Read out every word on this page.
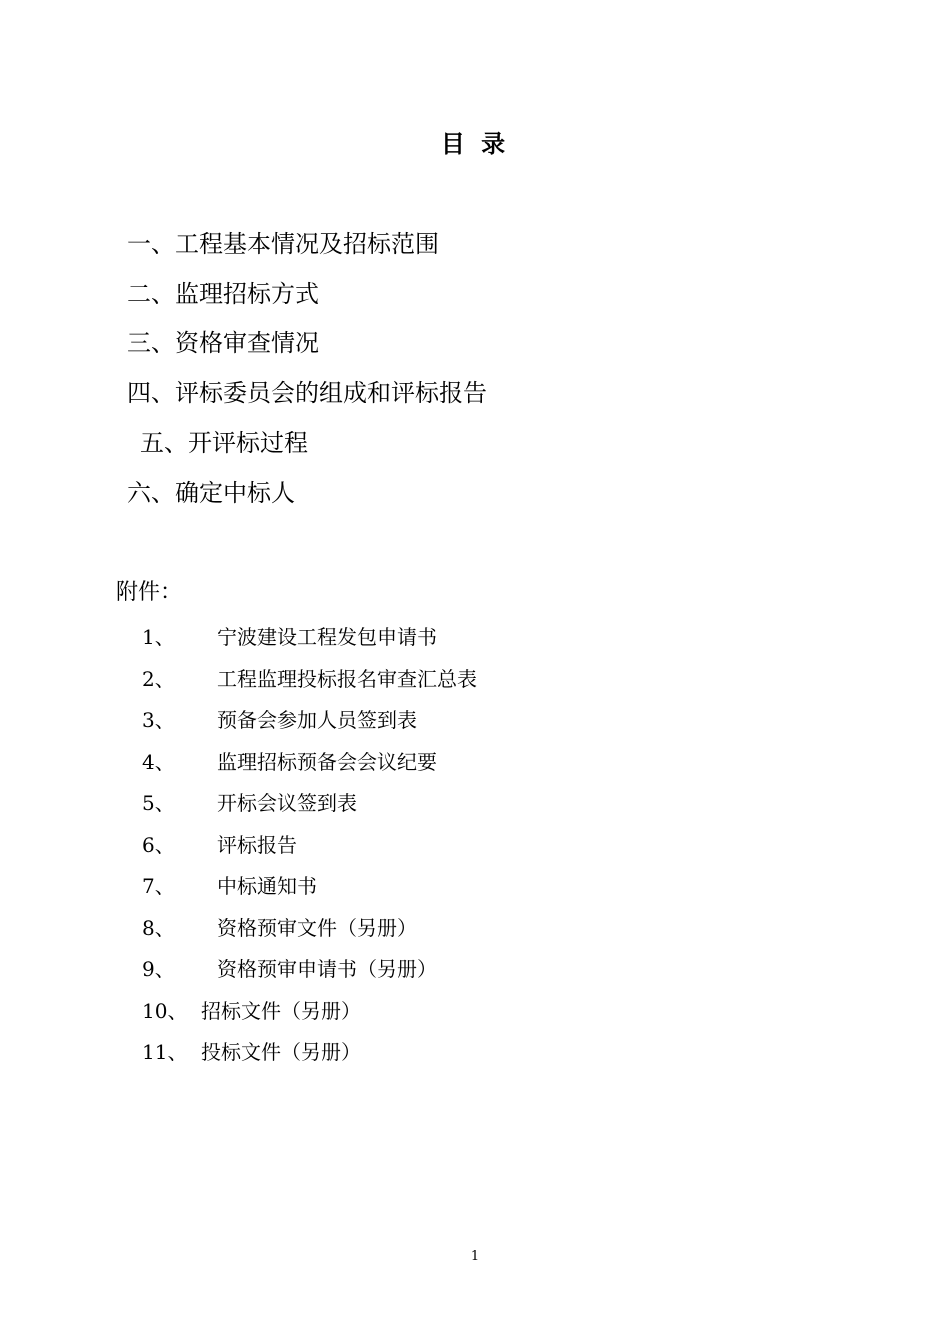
目 录
一、工程基本情况及招标范围
二、监理招标方式
三、资格审查情况
四、评标委员会的组成和评标报告
五、开评标过程
六、确定中标人
附件：
1、 宁波建设工程发包申请书
2、 工程监理投标报名审查汇总表
3、 预备会参加人员签到表
4、 监理招标预备会会议纪要
5、 开标会议签到表
6、 评标报告
7、 中标通知书
8、 资格预审文件（另册）
9、 资格预审申请书（另册）
10、 招标文件（另册）
11、 投标文件（另册）
1
